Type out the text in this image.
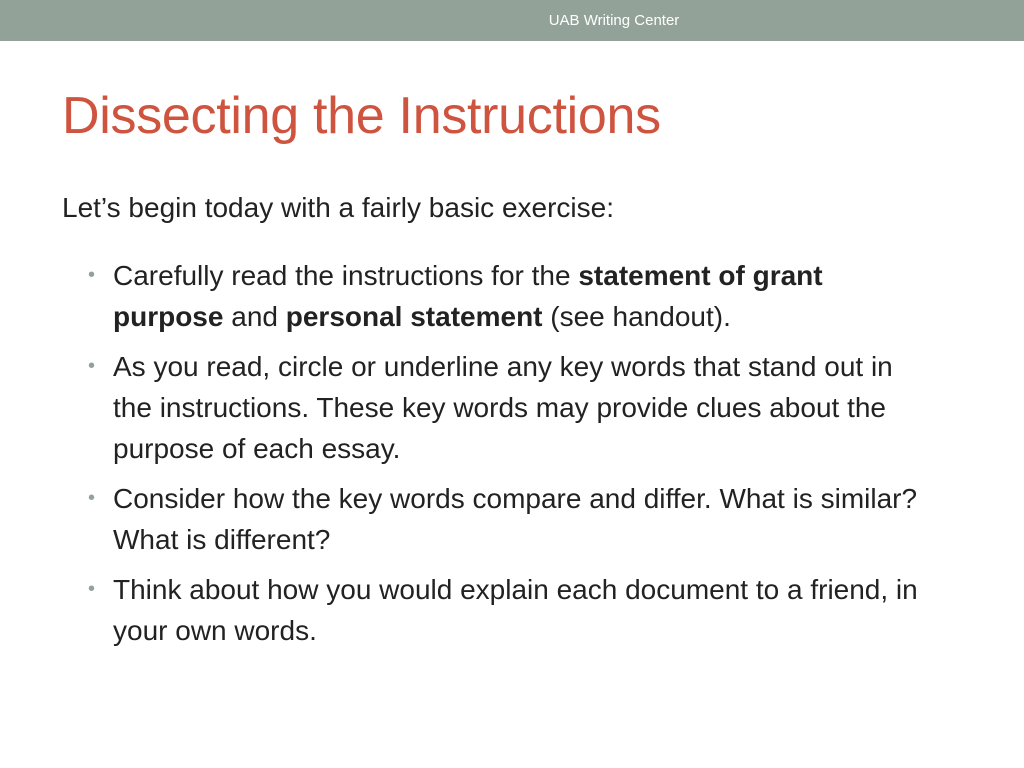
UAB Writing Center
Dissecting the Instructions
Let’s begin today with a fairly basic exercise:
• Carefully read the instructions for the statement of grant purpose and personal statement (see handout).
• As you read, circle or underline any key words that stand out in the instructions. These key words may provide clues about the purpose of each essay.
• Consider how the key words compare and differ. What is similar? What is different?
• Think about how you would explain each document to a friend, in your own words.
